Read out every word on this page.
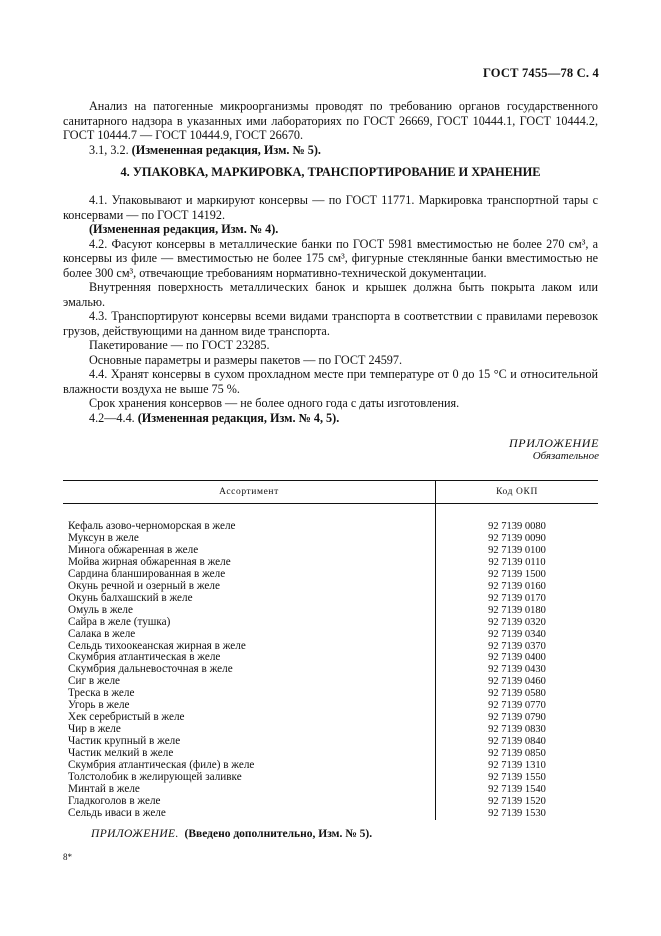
ГОСТ 7455—78 С. 4
Анализ на патогенные микроорганизмы проводят по требованию органов государственного санитарного надзора в указанных ими лабораториях по ГОСТ 26669, ГОСТ 10444.1, ГОСТ 10444.2, ГОСТ 10444.7 — ГОСТ 10444.9, ГОСТ 26670.
3.1, 3.2. (Измененная редакция, Изм. № 5).
4. УПАКОВКА, МАРКИРОВКА, ТРАНСПОРТИРОВАНИЕ И ХРАНЕНИЕ
4.1. Упаковывают и маркируют консервы — по ГОСТ 11771. Маркировка транспортной тары с консервами — по ГОСТ 14192.
(Измененная редакция, Изм. № 4).
4.2. Фасуют консервы в металлические банки по ГОСТ 5981 вместимостью не более 270 см³, а консервы из филе — вместимостью не более 175 см³, фигурные стеклянные банки вместимостью не более 300 см³, отвечающие требованиям нормативно-технической документации.
Внутренняя поверхность металлических банок и крышек должна быть покрыта лаком или эмалью.
4.3. Транспортируют консервы всеми видами транспорта в соответствии с правилами перевозок грузов, действующими на данном виде транспорта.
Пакетирование — по ГОСТ 23285.
Основные параметры и размеры пакетов — по ГОСТ 24597.
4.4. Хранят консервы в сухом прохладном месте при температуре от 0 до 15 °С и относительной влажности воздуха не выше 75 %.
Срок хранения консервов — не более одного года с даты изготовления.
4.2—4.4. (Измененная редакция, Изм. № 4, 5).
ПРИЛОЖЕНИЕ
Обязательное
Ассортимент	Код ОКП

Кефаль азово-черноморская в желе	92 7139 0080
Муксун в желе	92 7139 0090
Минога обжаренная в желе	92 7139 0100
Мойва жирная обжаренная в желе	92 7139 0110
Сардина бланшированная в желе	92 7139 1500
Окунь речной и озерный в желе	92 7139 0160
Окунь балхашский в желе	92 7139 0170
Омуль в желе	92 7139 0180
Сайра в желе (тушка)	92 7139 0320
Салака в желе	92 7139 0340
Сельдь тихоокеанская жирная в желе	92 7139 0370
Скумбрия атлантическая в желе	92 7139 0400
Скумбрия дальневосточная в желе	92 7139 0430
Сиг в желе	92 7139 0460
Треска в желе	92 7139 0580
Угорь в желе	92 7139 0770
Хек серебристый в желе	92 7139 0790
Чир в желе	92 7139 0830
Частик крупный в желе	92 7139 0840
Частик мелкий в желе	92 7139 0850
Скумбрия атлантическая (филе) в желе	92 7139 1310
Толстолобик в желирующей заливке	92 7139 1550
Минтай в желе	92 7139 1540
Гладкоголов в желе	92 7139 1520
Сельдь иваси в желе	92 7139 1530
ПРИЛОЖЕНИЕ. (Введено дополнительно, Изм. № 5).
8*
